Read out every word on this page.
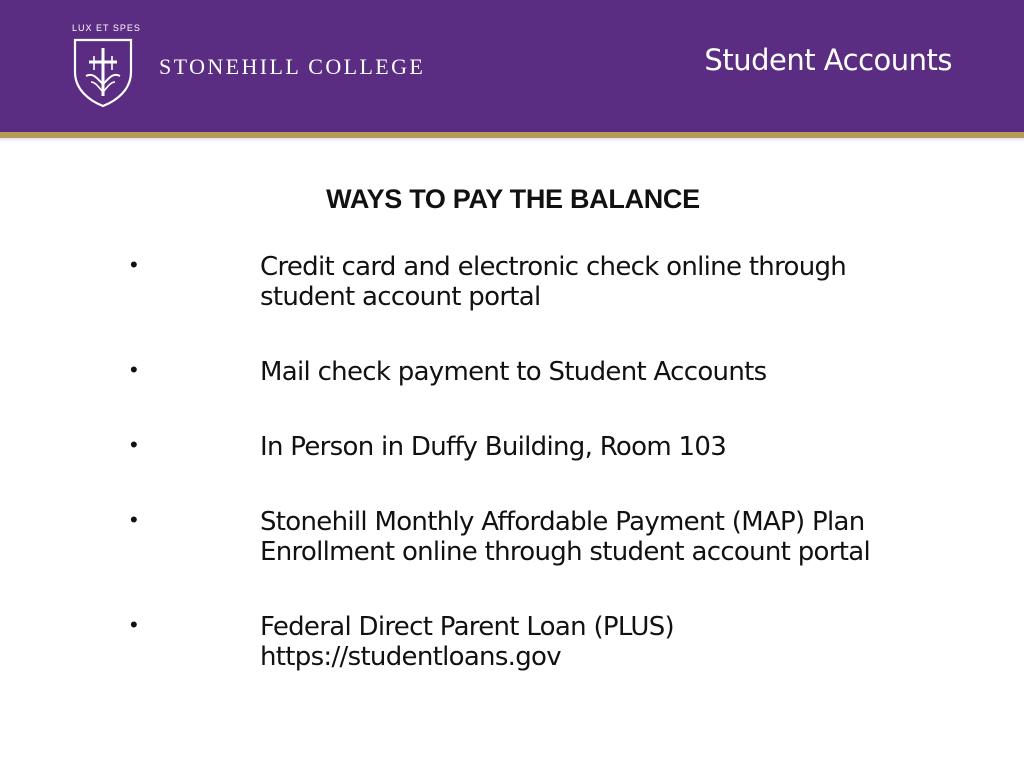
LUX ET SPES
STONEHILL COLLEGE	Student Accounts
WAYS TO PAY THE BALANCE
•	Credit card and electronic check online through
student account portal
•	Mail check payment to Student Accounts
•	In Person in Duffy Building, Room 103
•	Stonehill Monthly Affordable Payment (MAP) Plan
Enrollment online through student account portal
•	Federal Direct Parent Loan (PLUS)
https://studentloans.gov
